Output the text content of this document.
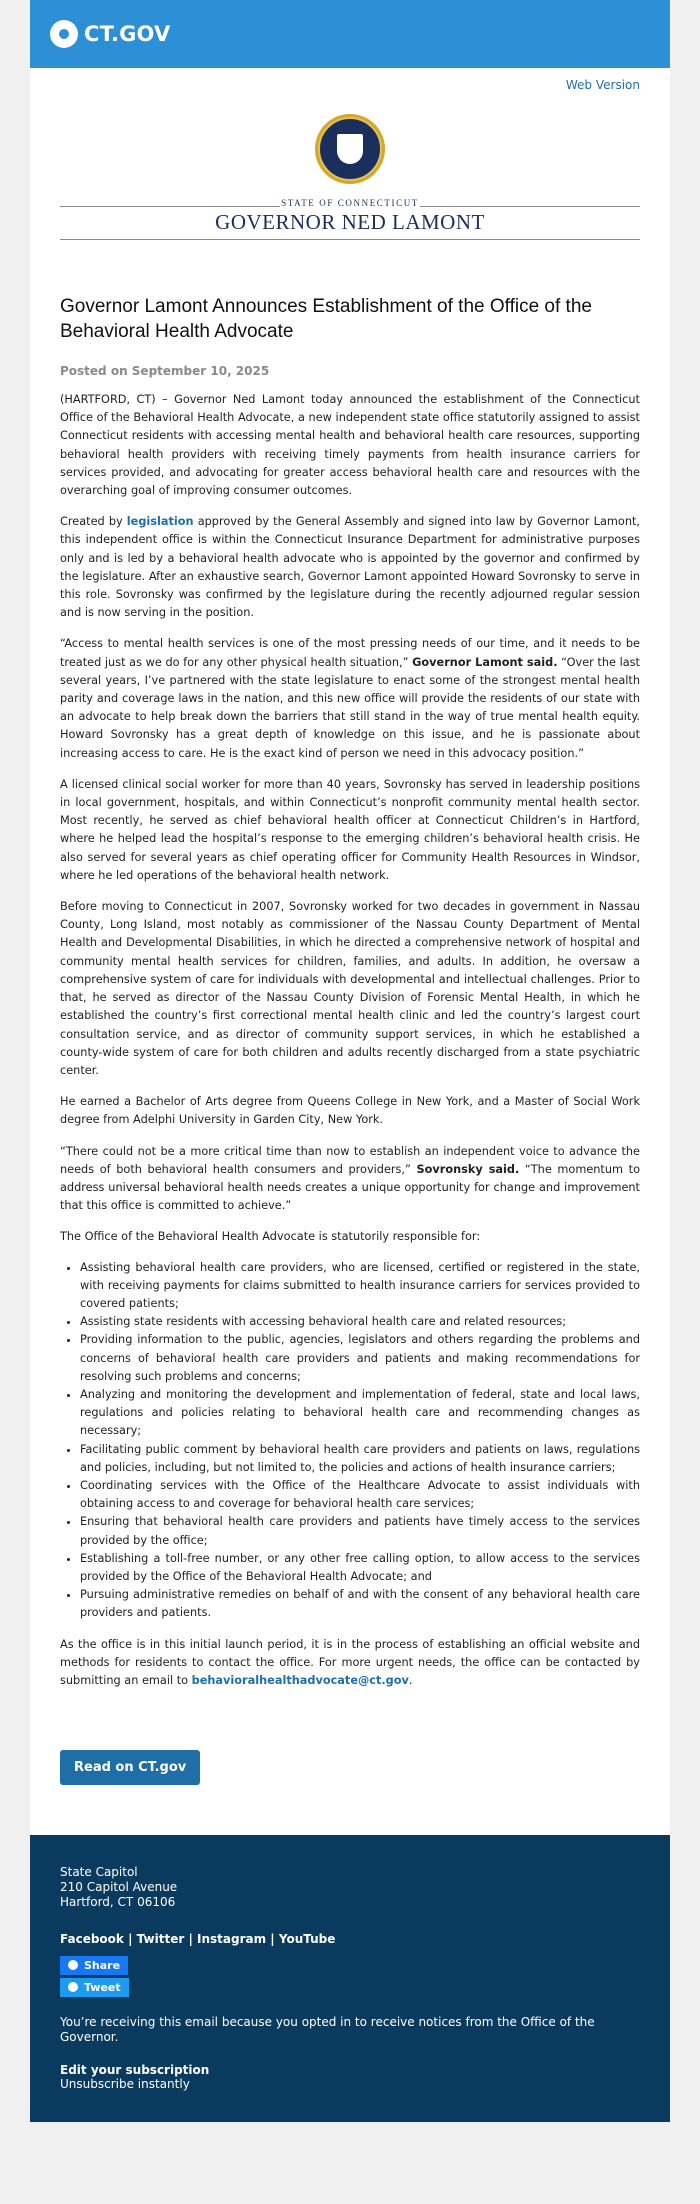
CT.GOV
Web Version
STATE OF CONNECTICUT
GOVERNOR NED LAMONT
Governor Lamont Announces Establishment of the Office of the Behavioral Health Advocate
Posted on September 10, 2025

(HARTFORD, CT) – Governor Ned Lamont today announced the establishment of the Connecticut Office of the Behavioral Health Advocate, a new independent state office statutorily assigned to assist Connecticut residents with accessing mental health and behavioral health care resources, supporting behavioral health providers with receiving timely payments from health insurance carriers for services provided, and advocating for greater access behavioral health care and resources with the overarching goal of improving consumer outcomes.

Created by legislation approved by the General Assembly and signed into law by Governor Lamont, this independent office is within the Connecticut Insurance Department for administrative purposes only and is led by a behavioral health advocate who is appointed by the governor and confirmed by the legislature. After an exhaustive search, Governor Lamont appointed Howard Sovronsky to serve in this role. Sovronsky was confirmed by the legislature during the recently adjourned regular session and is now serving in the position.

“Access to mental health services is one of the most pressing needs of our time, and it needs to be treated just as we do for any other physical health situation,” Governor Lamont said. “Over the last several years, I’ve partnered with the state legislature to enact some of the strongest mental health parity and coverage laws in the nation, and this new office will provide the residents of our state with an advocate to help break down the barriers that still stand in the way of true mental health equity. Howard Sovronsky has a great depth of knowledge on this issue, and he is passionate about increasing access to care. He is the exact kind of person we need in this advocacy position.”

A licensed clinical social worker for more than 40 years, Sovronsky has served in leadership positions in local government, hospitals, and within Connecticut’s nonprofit community mental health sector. Most recently, he served as chief behavioral health officer at Connecticut Children’s in Hartford, where he helped lead the hospital’s response to the emerging children’s behavioral health crisis. He also served for several years as chief operating officer for Community Health Resources in Windsor, where he led operations of the behavioral health network.

Before moving to Connecticut in 2007, Sovronsky worked for two decades in government in Nassau County, Long Island, most notably as commissioner of the Nassau County Department of Mental Health and Developmental Disabilities, in which he directed a comprehensive network of hospital and community mental health services for children, families, and adults. In addition, he oversaw a comprehensive system of care for individuals with developmental and intellectual challenges. Prior to that, he served as director of the Nassau County Division of Forensic Mental Health, in which he established the country’s first correctional mental health clinic and led the country’s largest court consultation service, and as director of community support services, in which he established a county-wide system of care for both children and adults recently discharged from a state psychiatric center.

He earned a Bachelor of Arts degree from Queens College in New York, and a Master of Social Work degree from Adelphi University in Garden City, New York.

“There could not be a more critical time than now to establish an independent voice to advance the needs of both behavioral health consumers and providers,” Sovronsky said. “The momentum to address universal behavioral health needs creates a unique opportunity for change and improvement that this office is committed to achieve.”

The Office of the Behavioral Health Advocate is statutorily responsible for:

• Assisting behavioral health care providers, who are licensed, certified or registered in the state, with receiving payments for claims submitted to health insurance carriers for services provided to covered patients;
• Assisting state residents with accessing behavioral health care and related resources;
• Providing information to the public, agencies, legislators and others regarding the problems and concerns of behavioral health care providers and patients and making recommendations for resolving such problems and concerns;
• Analyzing and monitoring the development and implementation of federal, state and local laws, regulations and policies relating to behavioral health care and recommending changes as necessary;
• Facilitating public comment by behavioral health care providers and patients on laws, regulations and policies, including, but not limited to, the policies and actions of health insurance carriers;
• Coordinating services with the Office of the Healthcare Advocate to assist individuals with obtaining access to and coverage for behavioral health care services;
• Ensuring that behavioral health care providers and patients have timely access to the services provided by the office;
• Establishing a toll-free number, or any other free calling option, to allow access to the services provided by the Office of the Behavioral Health Advocate; and
• Pursuing administrative remedies on behalf of and with the consent of any behavioral health care providers and patients.

As the office is in this initial launch period, it is in the process of establishing an official website and methods for residents to contact the office. For more urgent needs, the office can be contacted by submitting an email to behavioralhealthadvocate@ct.gov.

Read on CT.gov
State Capitol
210 Capitol Avenue
Hartford, CT 06106
Facebook | Twitter | Instagram | YouTube
Share
Tweet
You’re receiving this email because you opted in to receive notices from the Office of the Governor.
Edit your subscription
Unsubscribe instantly
